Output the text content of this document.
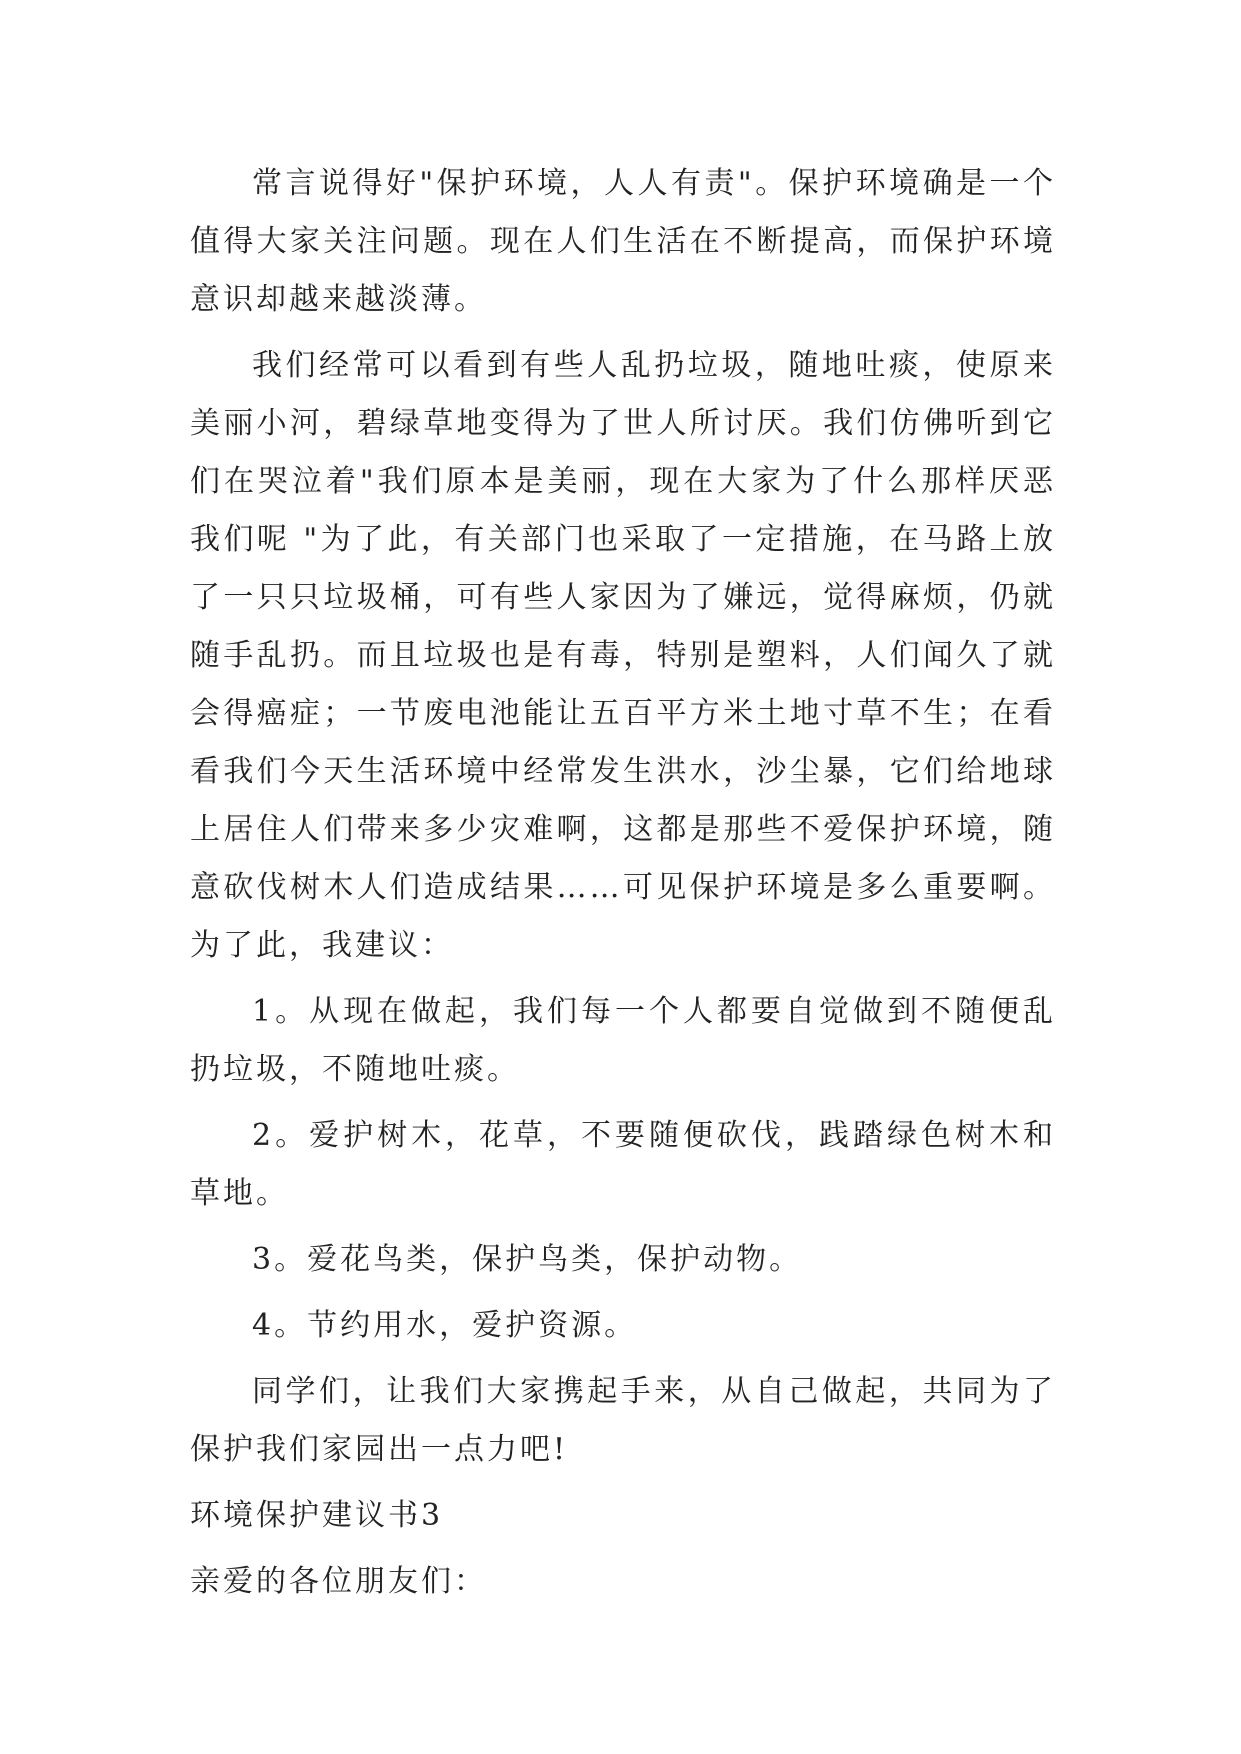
常言说得好"保护环境，人人有责"。保护环境确是一个值得大家关注问题。现在人们生活在不断提高，而保护环境意识却越来越淡薄。

我们经常可以看到有些人乱扔垃圾，随地吐痰，使原来美丽小河，碧绿草地变得为了世人所讨厌。我们仿佛听到它们在哭泣着"我们原本是美丽，现在大家为了什么那样厌恶我们呢 "为了此，有关部门也采取了一定措施，在马路上放了一只只垃圾桶，可有些人家因为了嫌远，觉得麻烦，仍就随手乱扔。而且垃圾也是有毒，特别是塑料，人们闻久了就会得癌症；一节废电池能让五百平方米土地寸草不生；在看看我们今天生活环境中经常发生洪水，沙尘暴，它们给地球上居住人们带来多少灾难啊，这都是那些不爱保护环境，随意砍伐树木人们造成结果……可见保护环境是多么重要啊。为了此，我建议：

1。从现在做起，我们每一个人都要自觉做到不随便乱扔垃圾，不随地吐痰。

2。爱护树木，花草，不要随便砍伐，践踏绿色树木和草地。

3。爱花鸟类，保护鸟类，保护动物。

4。节约用水，爱护资源。

同学们，让我们大家携起手来，从自己做起，共同为了保护我们家园出一点力吧!

环境保护建议书3

亲爱的各位朋友们：
